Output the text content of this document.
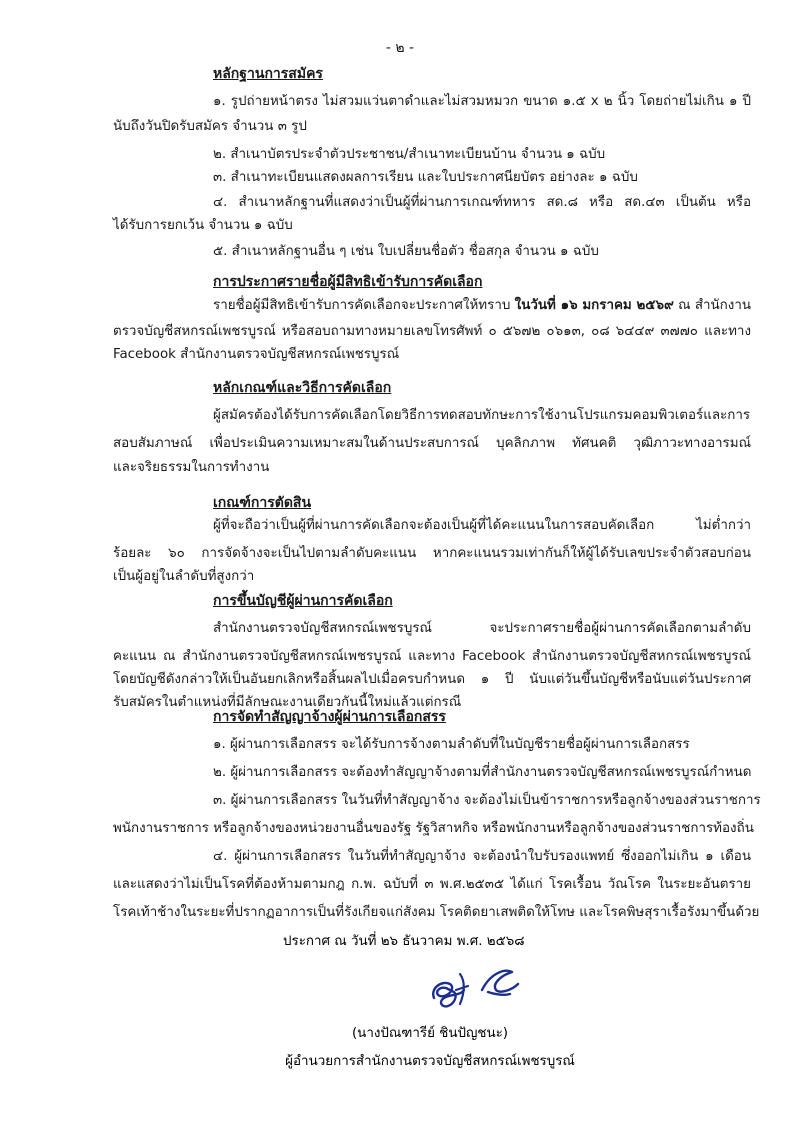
- ๒ -
หลักฐานการสมัคร
๑. รูปถ่ายหน้าตรง ไม่สวมแว่นตาดำและไม่สวมหมวก ขนาด ๑.๕ x ๒ นิ้ว โดยถ่ายไม่เกิน ๑ ปี
นับถึงวันปิดรับสมัคร จำนวน ๓ รูป
๒. สำเนาบัตรประจำตัวประชาชน/สำเนาทะเบียนบ้าน จำนวน ๑ ฉบับ
๓. สำเนาทะเบียนแสดงผลการเรียน และใบประกาศนียบัตร อย่างละ ๑ ฉบับ
๔. สำเนาหลักฐานที่แสดงว่าเป็นผู้ที่ผ่านการเกณฑ์ทหาร สด.๘ หรือ สด.๔๓ เป็นต้น หรือ
ได้รับการยกเว้น จำนวน ๑ ฉบับ
๕. สำเนาหลักฐานอื่น ๆ เช่น ใบเปลี่ยนชื่อตัว ชื่อสกุล จำนวน ๑ ฉบับ
การประกาศรายชื่อผู้มีสิทธิเข้ารับการคัดเลือก
รายชื่อผู้มีสิทธิเข้ารับการคัดเลือกจะประกาศให้ทราบ ในวันที่ ๑๖ มกราคม ๒๕๖๙ ณ สำนักงาน
ตรวจบัญชีสหกรณ์เพชรบูรณ์ หรือสอบถามทางหมายเลขโทรศัพท์ ๐ ๕๖๗๒ ๐๖๑๓, ๐๘ ๖๔๔๙ ๓๗๗๐ และทาง
Facebook สำนักงานตรวจบัญชีสหกรณ์เพชรบูรณ์
หลักเกณฑ์และวิธีการคัดเลือก
ผู้สมัครต้องได้รับการคัดเลือกโดยวิธีการทดสอบทักษะการใช้งานโปรแกรมคอมพิวเตอร์และการ
สอบสัมภาษณ์ เพื่อประเมินความเหมาะสมในด้านประสบการณ์ บุคลิกภาพ ทัศนคติ วุฒิภาวะทางอารมณ์
และจริยธรรมในการทำงาน
เกณฑ์การตัดสิน
ผู้ที่จะถือว่าเป็นผู้ที่ผ่านการคัดเลือกจะต้องเป็นผู้ที่ได้คะแนนในการสอบคัดเลือก ไม่ต่ำกว่า
ร้อยละ ๖๐ การจัดจ้างจะเป็นไปตามลำดับคะแนน หากคะแนนรวมเท่ากันก็ให้ผู้ได้รับเลขประจำตัวสอบก่อน
เป็นผู้อยู่ในลำดับที่สูงกว่า
การขึ้นบัญชีผู้ผ่านการคัดเลือก
สำนักงานตรวจบัญชีสหกรณ์เพชรบูรณ์ จะประกาศรายชื่อผู้ผ่านการคัดเลือกตามลำดับ
คะแนน ณ สำนักงานตรวจบัญชีสหกรณ์เพชรบูรณ์ และทาง Facebook สำนักงานตรวจบัญชีสหกรณ์เพชรบูรณ์
โดยบัญชีดังกล่าวให้เป็นอันยกเลิกหรือสิ้นผลไปเมื่อครบกำหนด ๑ ปี นับแต่วันขึ้นบัญชีหรือนับแต่วันประกาศ
รับสมัครในตำแหน่งที่มีลักษณะงานเดียวกันนี้ใหม่แล้วแต่กรณี
การจัดทำสัญญาจ้างผู้ผ่านการเลือกสรร
๑. ผู้ผ่านการเลือกสรร จะได้รับการจ้างตามลำดับที่ในบัญชีรายชื่อผู้ผ่านการเลือกสรร
๒. ผู้ผ่านการเลือกสรร จะต้องทำสัญญาจ้างตามที่สำนักงานตรวจบัญชีสหกรณ์เพชรบูรณ์กำหนด
๓. ผู้ผ่านการเลือกสรร ในวันที่ทำสัญญาจ้าง จะต้องไม่เป็นข้าราชการหรือลูกจ้างของส่วนราชการ
พนักงานราชการ หรือลูกจ้างของหน่วยงานอื่นของรัฐ รัฐวิสาหกิจ หรือพนักงานหรือลูกจ้างของส่วนราชการท้องถิ่น
๔. ผู้ผ่านการเลือกสรร ในวันที่ทำสัญญาจ้าง จะต้องนำใบรับรองแพทย์ ซึ่งออกไม่เกิน ๑ เดือน
และแสดงว่าไม่เป็นโรคที่ต้องห้ามตามกฎ ก.พ. ฉบับที่ ๓ พ.ศ.๒๕๓๕ ได้แก่ โรคเรื้อน วัณโรค ในระยะอันตราย
โรคเท้าช้างในระยะที่ปรากฏอาการเป็นที่รังเกียจแก่สังคม โรคติดยาเสพติดให้โทษ และโรคพิษสุราเรื้อรังมาขึ้นด้วย
ประกาศ ณ วันที่ ๒๖ ธันวาคม พ.ศ. ๒๕๖๘
(นางปัณฑารีย์ ชินปัญชนะ)
ผู้อำนวยการสำนักงานตรวจบัญชีสหกรณ์เพชรบูรณ์
